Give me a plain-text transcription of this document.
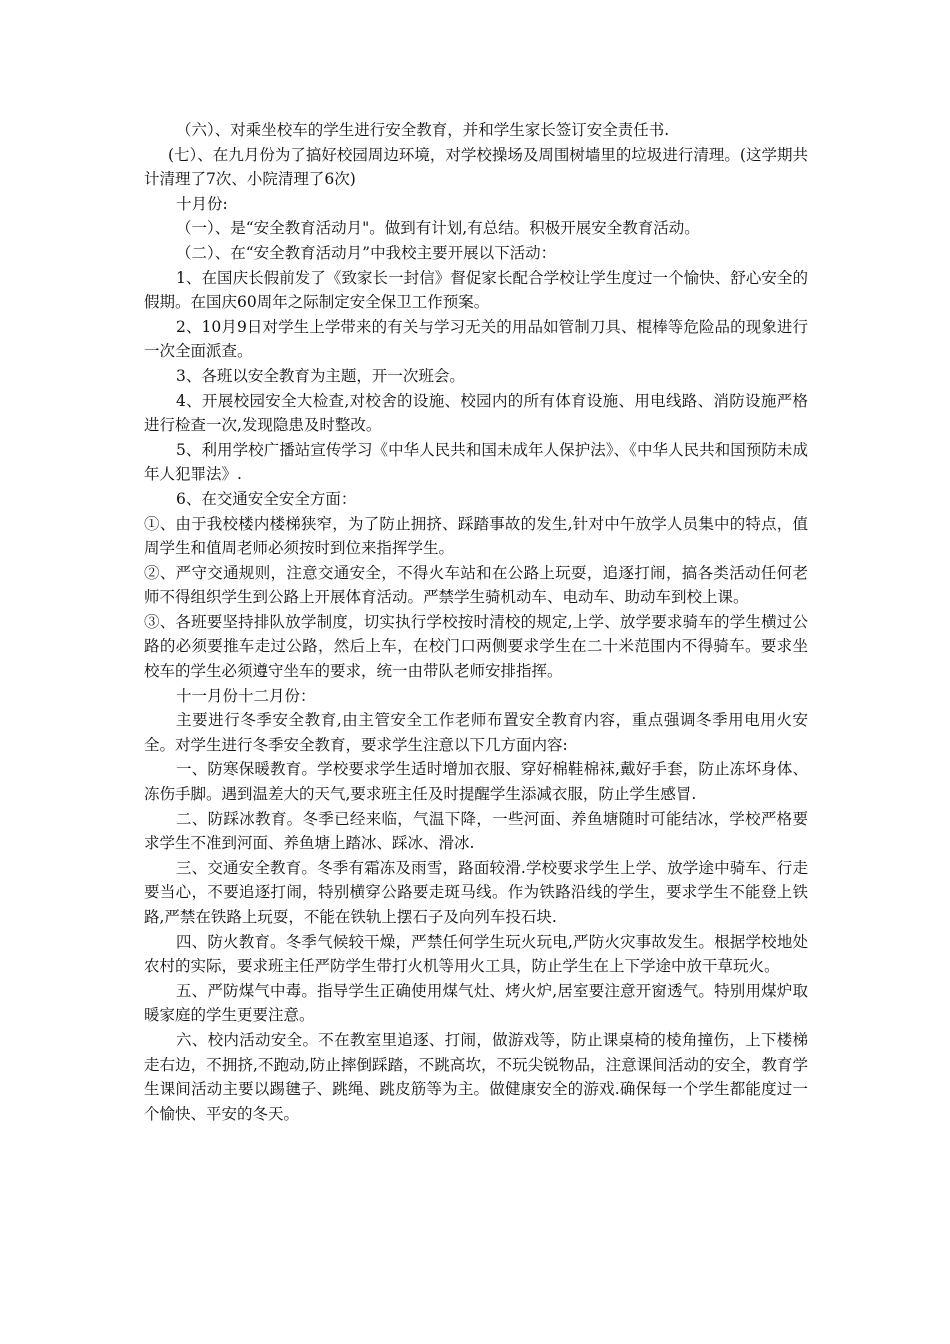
（六）、对乘坐校车的学生进行安全教育，并和学生家长签订安全责任书.

(七）、在九月份为了搞好校园周边环境，对学校操场及周围树墙里的垃圾进行清理。(这学期共计清理了7次、小院清理了6次)

十月份:

（一）、是“安全教育活动月"。做到有计划,有总结。积极开展安全教育活动。

（二）、在“安全教育活动月”中我校主要开展以下活动：

1、在国庆长假前发了《致家长一封信》督促家长配合学校让学生度过一个愉快、舒心安全的假期。在国庆60周年之际制定安全保卫工作预案。

2、10月9日对学生上学带来的有关与学习无关的用品如管制刀具、棍棒等危险品的现象进行一次全面派查。

3、各班以安全教育为主题，开一次班会。

4、开展校园安全大检查,对校舍的设施、校园内的所有体育设施、用电线路、消防设施严格进行检查一次,发现隐患及时整改。

5、利用学校广播站宣传学习《中华人民共和国未成年人保护法》、《中华人民共和国预防未成年人犯罪法》.

6、在交通安全安全方面：

①、由于我校楼内楼梯狭窄，为了防止拥挤、踩踏事故的发生,针对中午放学人员集中的特点，值周学生和值周老师必须按时到位来指挥学生。

②、严守交通规则，注意交通安全，不得火车站和在公路上玩耍，追逐打闹，搞各类活动任何老师不得组织学生到公路上开展体育活动。严禁学生骑机动车、电动车、助动车到校上课。

③、各班要坚持排队放学制度，切实执行学校按时清校的规定,上学、放学要求骑车的学生横过公路的必须要推车走过公路，然后上车，在校门口两侧要求学生在二十米范围内不得骑车。要求坐校车的学生必须遵守坐车的要求，统一由带队老师安排指挥。

十一月份十二月份：

主要进行冬季安全教育,由主管安全工作老师布置安全教育内容，重点强调冬季用电用火安全。对学生进行冬季安全教育，要求学生注意以下几方面内容:

一、防寒保暖教育。学校要求学生适时增加衣服、穿好棉鞋棉袜,戴好手套，防止冻坏身体、冻伤手脚。遇到温差大的天气,要求班主任及时提醒学生添减衣服，防止学生感冒.

二、防踩冰教育。冬季已经来临，气温下降，一些河面、养鱼塘随时可能结冰，学校严格要求学生不准到河面、养鱼塘上踏冰、踩冰、滑冰.

三、交通安全教育。冬季有霜冻及雨雪，路面较滑.学校要求学生上学、放学途中骑车、行走要当心，不要追逐打闹，特别横穿公路要走斑马线。作为铁路沿线的学生，要求学生不能登上铁路,严禁在铁路上玩耍，不能在铁轨上摆石子及向列车投石块.

四、防火教育。冬季气候较干燥，严禁任何学生玩火玩电,严防火灾事故发生。根据学校地处农村的实际，要求班主任严防学生带打火机等用火工具，防止学生在上下学途中放干草玩火。

五、严防煤气中毒。指导学生正确使用煤气灶、烤火炉,居室要注意开窗透气。特别用煤炉取暖家庭的学生更要注意。

六、校内活动安全。不在教室里追逐、打闹，做游戏等，防止课桌椅的棱角撞伤，上下楼梯走右边，不拥挤,不跑动,防止摔倒踩踏，不跳高坎，不玩尖锐物品，注意课间活动的安全，教育学生课间活动主要以踢毽子、跳绳、跳皮筋等为主。做健康安全的游戏.确保每一个学生都能度过一个愉快、平安的冬天。
